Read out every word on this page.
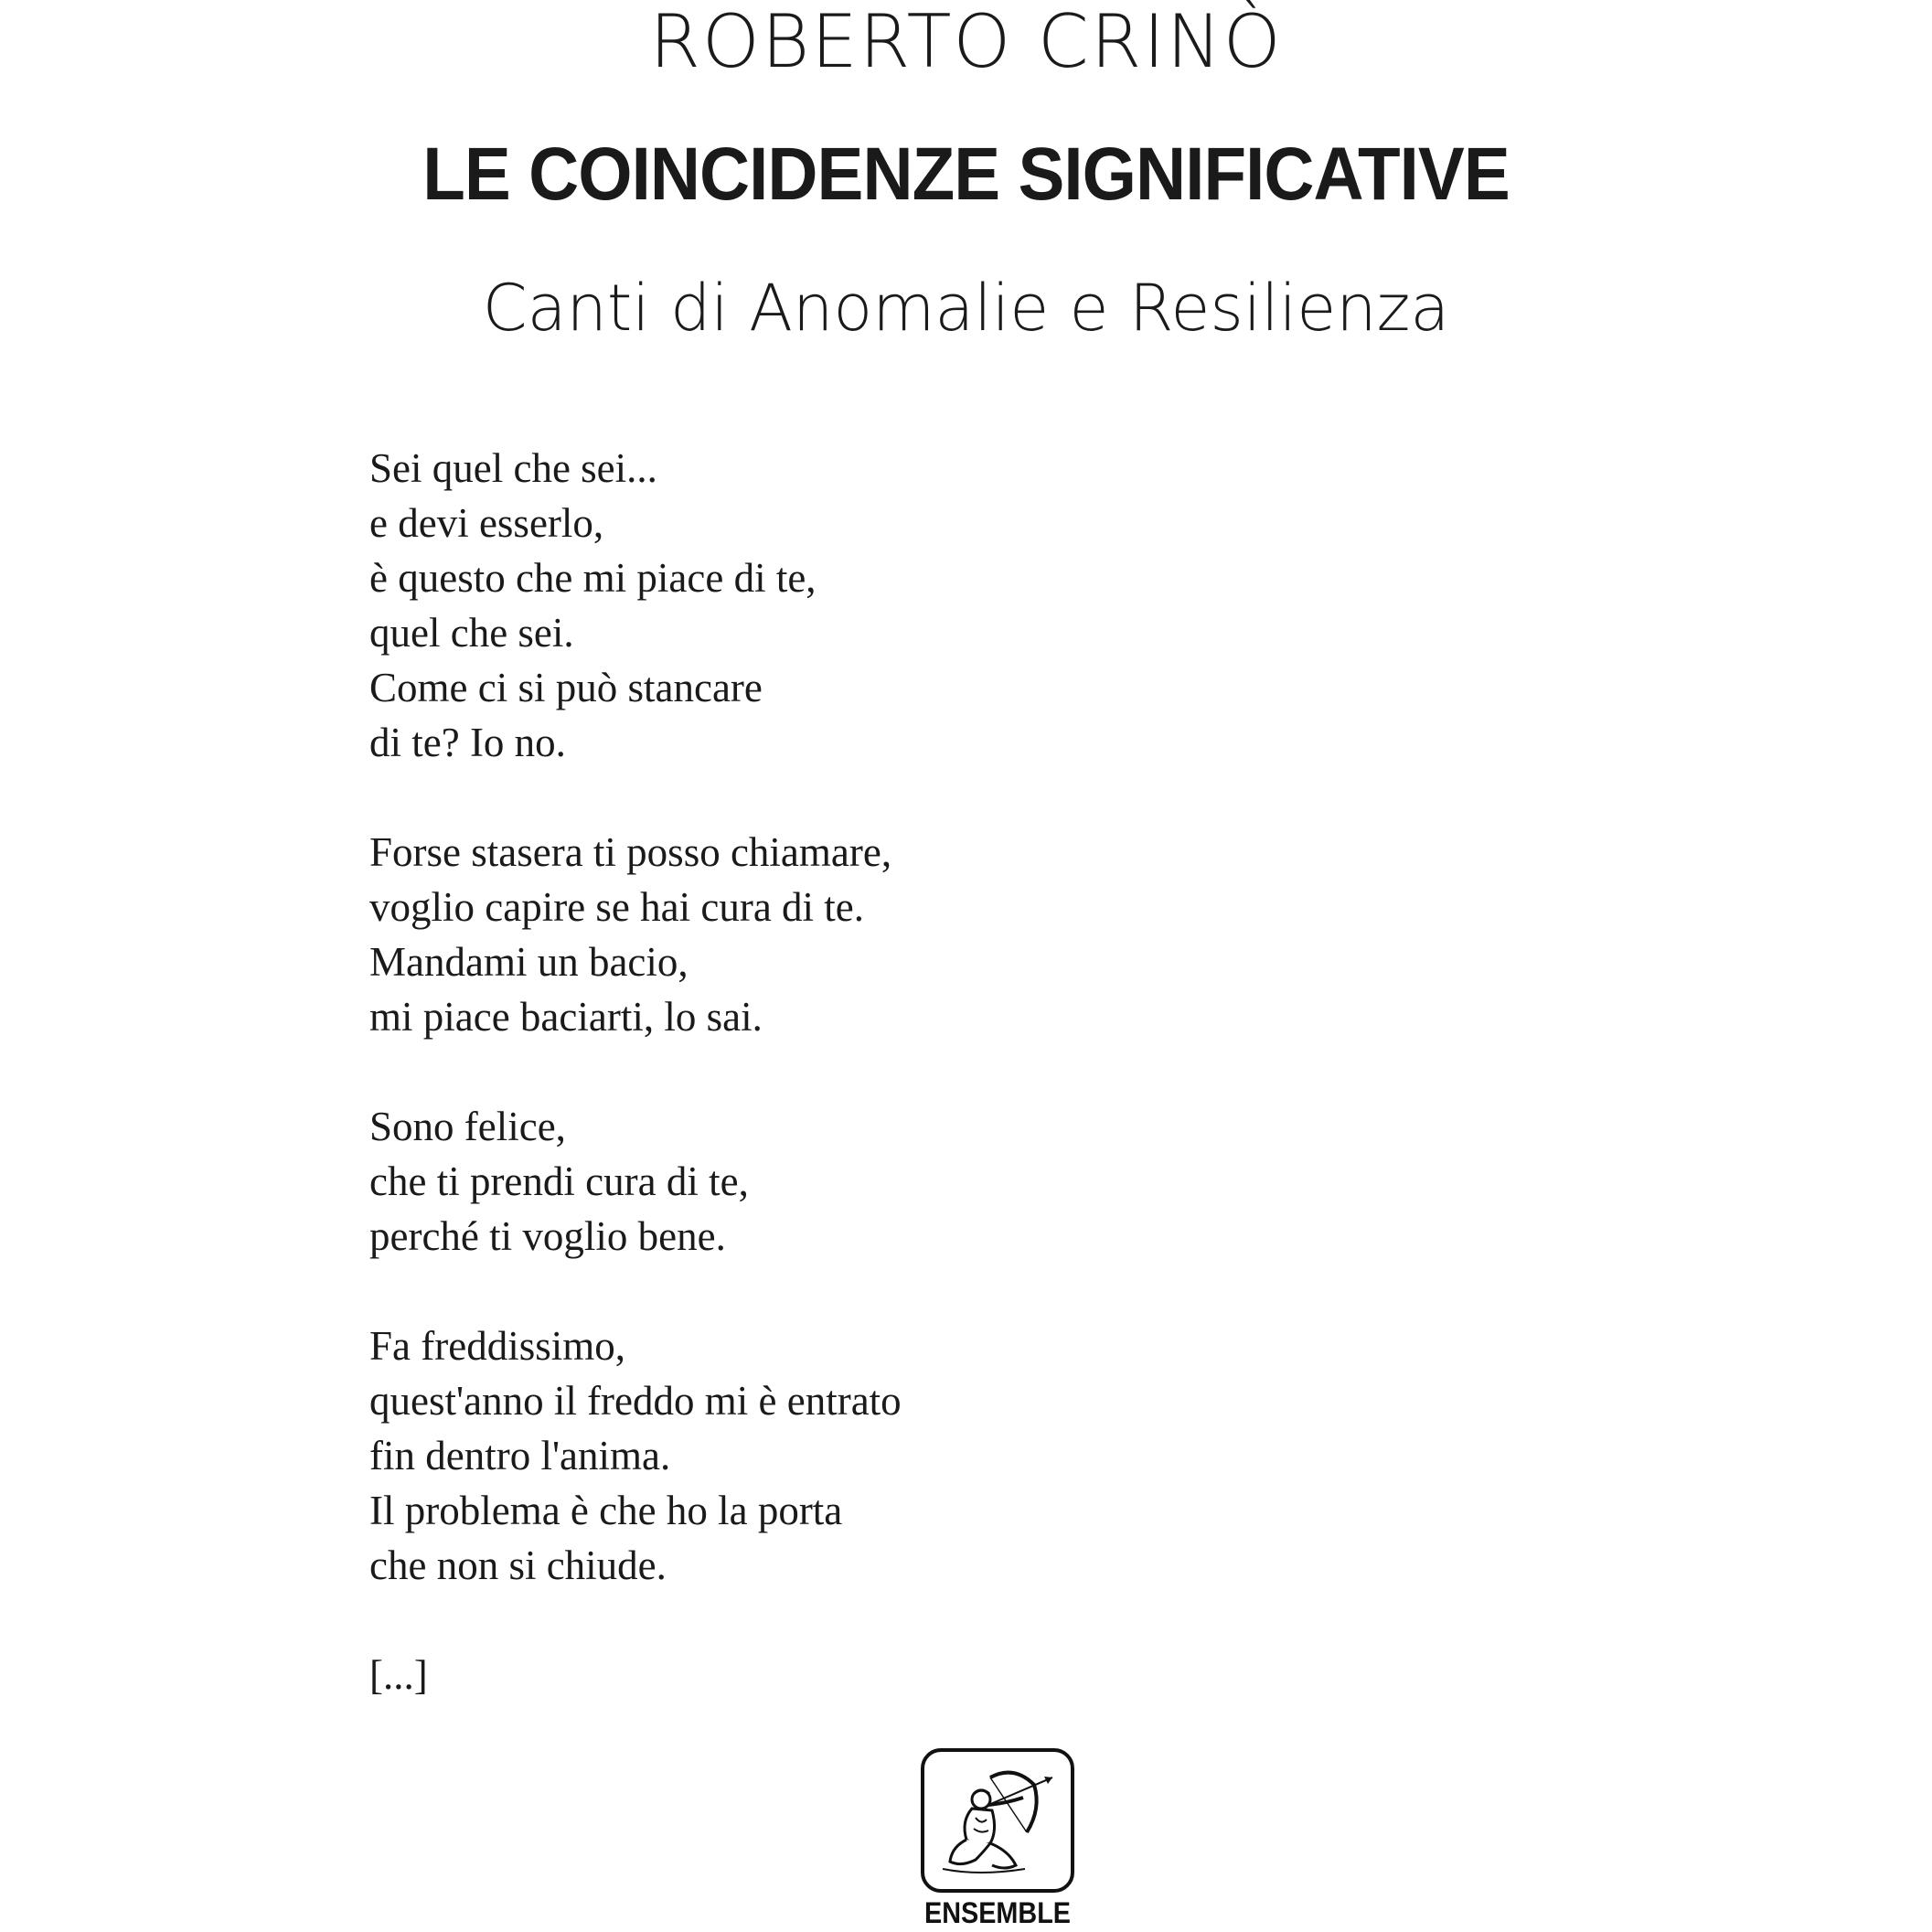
ROBERTO CRINÒ
LE COINCIDENZE SIGNIFICATIVE
Canti di Anomalie e Resilienza
Sei quel che sei...
e devi esserlo,
è questo che mi piace di te,
quel che sei.
Come ci si può stancare
di te? Io no.
Forse stasera ti posso chiamare,
voglio capire se hai cura di te.
Mandami un bacio,
mi piace baciarti, lo sai.
Sono felice,
che ti prendi cura di te,
perché ti voglio bene.
Fa freddissimo,
quest'anno il freddo mi è entrato
fin dentro l'anima.
Il problema è che ho la porta
che non si chiude.
[...]
ENSEMBLE
